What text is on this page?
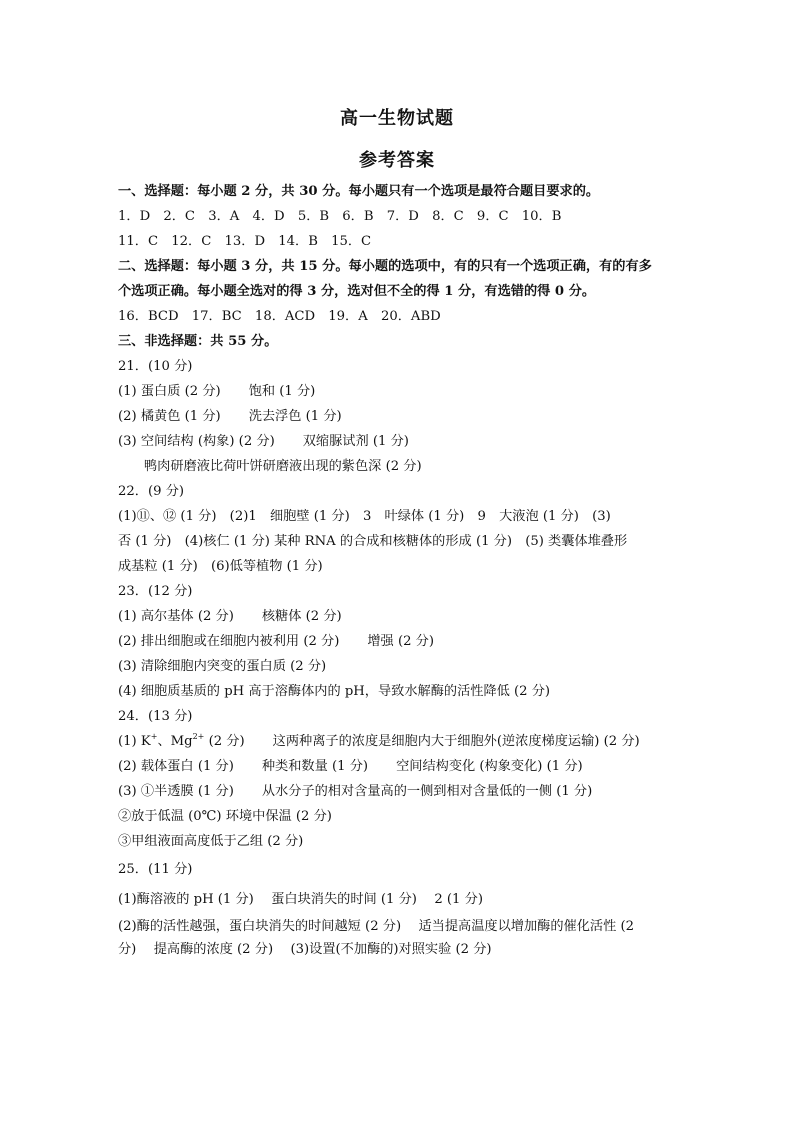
高一生物试题
参考答案
一、选择题：每小题 2 分，共 30 分。每小题只有一个选项是最符合题目要求的。
1．D　2．C　3．A　4．D　5．B　6．B　7．D　8．C　9．C　10．B
11．C　12．C　13．D　14．B　15．C
二、选择题：每小题 3 分，共 15 分。每小题的选项中，有的只有一个选项正确，有的有多
个选项正确。每小题全选对的得 3 分，选对但不全的得 1 分，有选错的得 0 分。
16．BCD　17．BC　18．ACD　19．A　20．ABD
三、非选择题：共 55 分。
21．(10 分)
(1) 蛋白质 (2 分) 饱和 (1 分)
(2) 橘黄色 (1 分) 洗去浮色 (1 分)
(3) 空间结构 (构象) (2 分) 双缩脲试剂 (1 分)
鸭肉研磨液比荷叶饼研磨液出现的紫色深 (2 分)
22．(9 分)
(1)⑪、⑫ (1 分)　(2)1　细胞壁 (1 分)　3　叶绿体 (1 分)　9　大液泡 (1 分)　(3)
否 (1 分)　(4)核仁 (1 分) 某种 RNA 的合成和核糖体的形成 (1 分)　(5) 类囊体堆叠形
成基粒 (1 分)　(6)低等植物 (1 分)
23．(12 分)
(1) 高尔基体 (2 分) 核糖体 (2 分)
(2) 排出细胞或在细胞内被利用 (2 分) 增强 (2 分)
(3) 清除细胞内突变的蛋白质 (2 分)
(4) 细胞质基质的 pH 高于溶酶体内的 pH，导致水解酶的活性降低 (2 分)
24．(13 分)
(1) K+、$Mg^{2+}$ (2 分) 这两种离子的浓度是细胞内大于细胞外(逆浓度梯度运输) (2 分)
(2) 载体蛋白 (1 分) 种类和数量 (1 分) 空间结构变化 (构象变化) (1 分)
(3) ①半透膜 (1 分) 从水分子的相对含量高的一侧到相对含量低的一侧 (1 分)
②放于低温 (0℃) 环境中保温 (2 分)
③甲组液面高度低于乙组 (2 分)
25．(11 分)
(1)酶溶液的 pH (1 分)　 蛋白块消失的时间 (1 分)　 2 (1 分)
(2)酶的活性越强，蛋白块消失的时间越短 (2 分)　 适当提高温度以增加酶的催化活性 (2
分)　 提高酶的浓度 (2 分)　 (3)设置(不加酶的)对照实验 (2 分)
